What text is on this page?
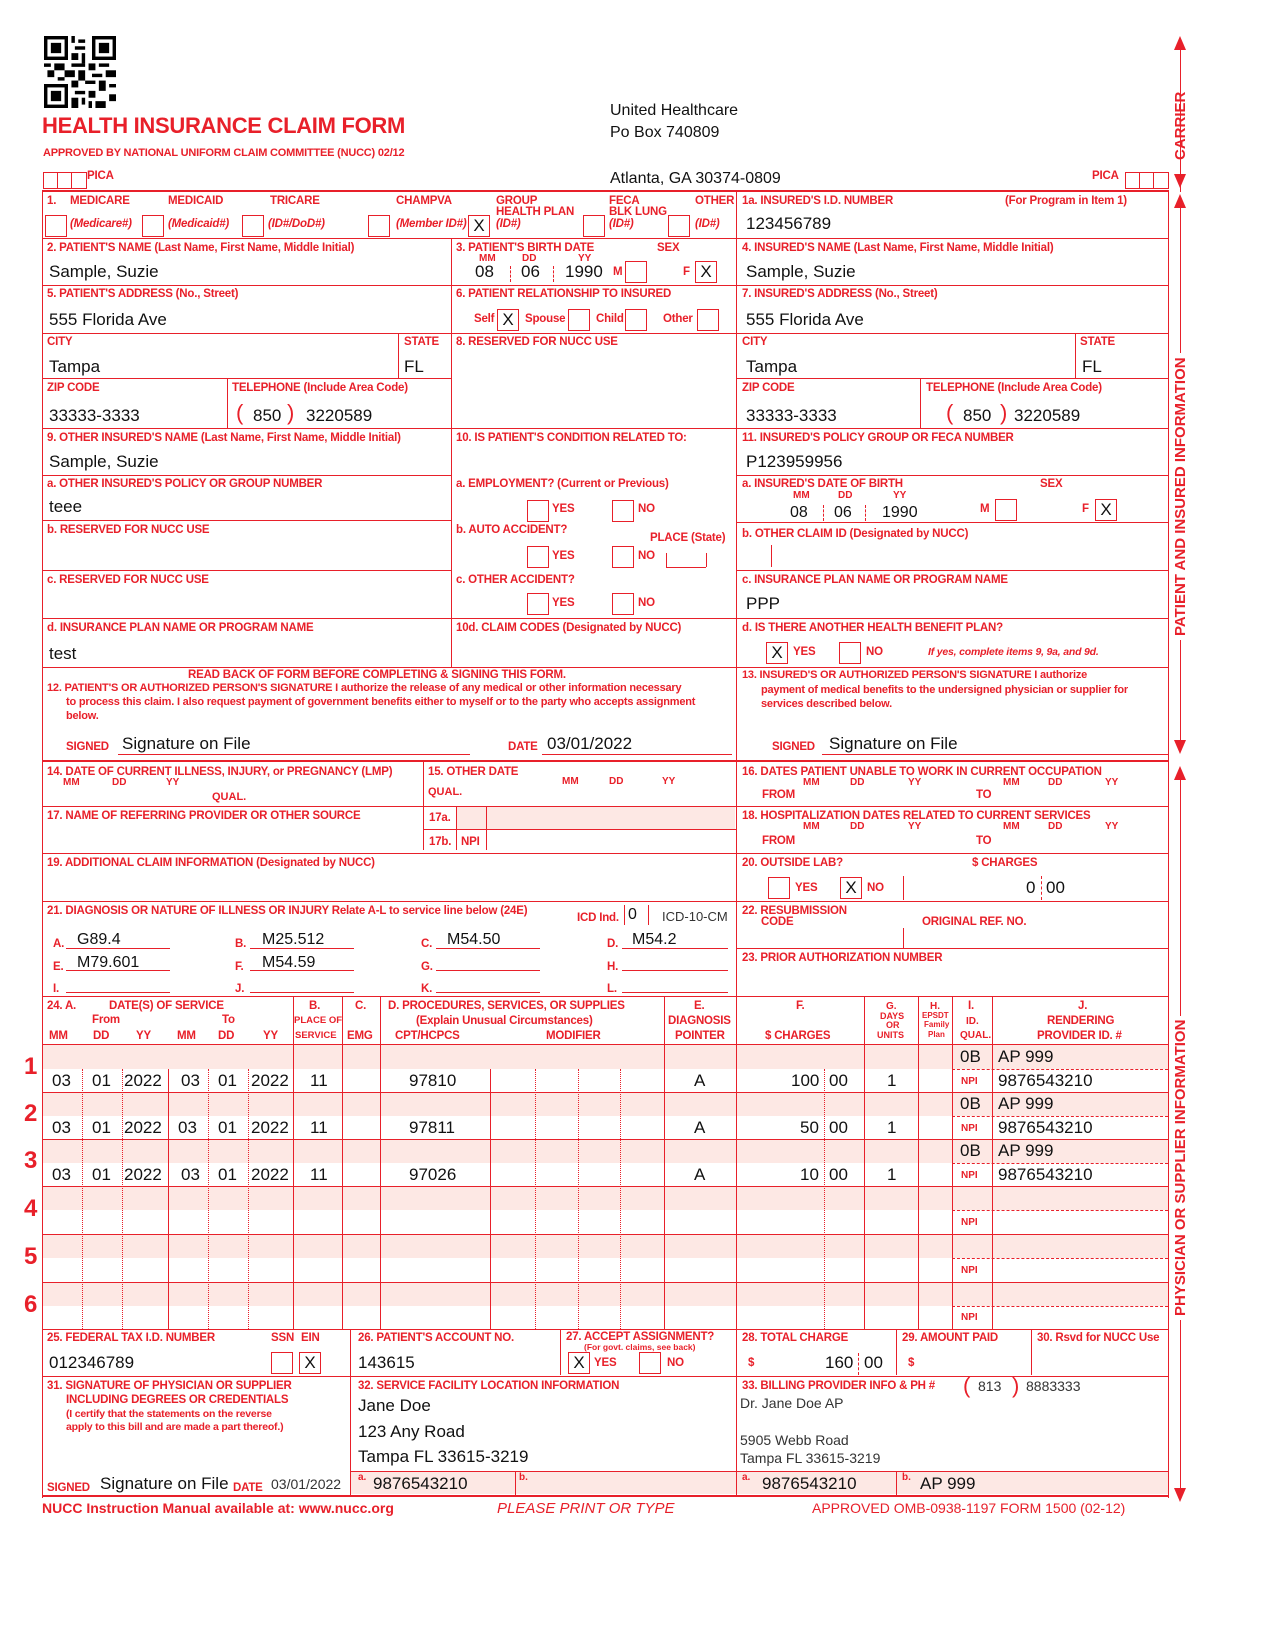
HEALTH INSURANCE CLAIM FORM
APPROVED BY NATIONAL UNIFORM CLAIM COMMITTEE (NUCC) 02/12
United Healthcare
Po Box 740809
Atlanta, GA 30374-0809
PICA	PICA
CARRIER
PATIENT AND INSURED INFORMATION
PHYSICIAN OR SUPPLIER INFORMATION
1. MEDICARE	MEDICAID	TRICARE	CHAMPVA	GROUP
HEALTH PLAN
FECA
BLK LUNG
OTHER
(Medicare#)	(Medicaid#)	(ID#/DoD#)	(Member ID#) X (ID#)	(ID#)	(ID#)
1a. INSURED'S I.D. NUMBER	(For Program in Item 1)
123456789
2. PATIENT'S NAME (Last Name, First Name, Middle Initial)
Sample, Suzie
3. PATIENT'S BIRTH DATE	SEX
MM	DD	YY
08 06 1990 M	F X
4. INSURED'S NAME (Last Name, First Name, Middle Initial)
Sample, Suzie
5. PATIENT'S ADDRESS (No., Street)
555 Florida Ave
6. PATIENT RELATIONSHIP TO INSURED
Self X Spouse	Child	Other
7. INSURED'S ADDRESS (No., Street)
555 Florida Ave
CITY
Tampa
STATE
FL
8. RESERVED FOR NUCC USE	CITY
Tampa
STATE
FL
ZIP CODE
33333-3333
TELEPHONE (Include Area Code)
( 850 ) 3220589
ZIP CODE
33333-3333
TELEPHONE (Include Area Code)
( 850 ) 3220589
9. OTHER INSURED'S NAME (Last Name, First Name, Middle Initial)
Sample, Suzie
10. IS PATIENT'S CONDITION RELATED TO:	11. INSURED'S POLICY GROUP OR FECA NUMBER
P123959956
a. OTHER INSURED'S POLICY OR GROUP NUMBER
teee
a. EMPLOYMENT? (Current or Previous)
YES	NO
a. INSURED'S DATE OF BIRTH	SEX
MM	DD	YY
08 06 1990	M	F X
b. RESERVED FOR NUCC USE	b. AUTO ACCIDENT?
PLACE (State)
YES	NO
b. OTHER CLAIM ID (Designated by NUCC)
c. RESERVED FOR NUCC USE	c. OTHER ACCIDENT?
YES	NO
c. INSURANCE PLAN NAME OR PROGRAM NAME
PPP
d. INSURANCE PLAN NAME OR PROGRAM NAME
test
10d. CLAIM CODES (Designated by NUCC)	d. IS THERE ANOTHER HEALTH BENEFIT PLAN?
X YES	NO	If yes, complete items 9, 9a, and 9d.
READ BACK OF FORM BEFORE COMPLETING & SIGNING THIS FORM.
12. PATIENT'S OR AUTHORIZED PERSON'S SIGNATURE I authorize the release of any medical or other information necessary
to process this claim. I also request payment of government benefits either to myself or to the party who accepts assignment
below.
SIGNED Signature on File	DATE 03/01/2022
13. INSURED'S OR AUTHORIZED PERSON'S SIGNATURE I authorize
payment of medical benefits to the undersigned physician or supplier for
services described below.
SIGNED Signature on File
14. DATE OF CURRENT ILLNESS, INJURY, or PREGNANCY (LMP)
MM	DD	YY
QUAL.
15. OTHER DATE
QUAL.
MM	DD	YY
16. DATES PATIENT UNABLE TO WORK IN CURRENT OCCUPATION
MM	DD	YY	MM	DD	YY
FROM	TO
17. NAME OF REFERRING PROVIDER OR OTHER SOURCE	17a.
17b. NPI
18. HOSPITALIZATION DATES RELATED TO CURRENT SERVICES
MM	DD	YY	MM	DD	YY
FROM	TO
19. ADDITIONAL CLAIM INFORMATION (Designated by NUCC)	20. OUTSIDE LAB?	$ CHARGES
YES	X NO	0 00
21. DIAGNOSIS OR NATURE OF ILLNESS OR INJURY Relate A-L to service line below (24E)
ICD Ind. 0 ICD-10-CM
A. G89.4	B. M25.512	C. M54.50	D. M54.2
E. M79.601	F. M54.59	G.	H.
I.	J.	K.	L.
22. RESUBMISSION
CODE	ORIGINAL REF. NO.
23. PRIOR AUTHORIZATION NUMBER
24. A.	DATE(S) OF SERVICE
From	To
MM DD YY MM DD	YY
B.
PLACE OF
SERVICE
C.
EMG
D. PROCEDURES, SERVICES, OR SUPPLIES
(Explain Unusual Circumstances)
CPT/HCPCS	MODIFIER
E.
DIAGNOSIS
POINTER
F.
$ CHARGES
G.
DAYS
OR
UNITS
H.
EPSDT
Family
Plan
I.
ID.
QUAL.
J.
RENDERING
PROVIDER ID. #
1
2
3
4
5
6
0B AP 999
03 01 2022 03 01 2022 11	97810	A	100 00 1	NPI 9876543210
0B AP 999
03 01 2022 03 01 2022 11	97811	A	50 00 1	NPI 9876543210
0B AP 999
03 01 2022 03 01 2022 11	97026	A	10 00 1	NPI 9876543210
NPI
NPI
NPI
25. FEDERAL TAX I.D. NUMBER	SSN EIN
012346789	X
26. PATIENT'S ACCOUNT NO.
143615
27. ACCEPT ASSIGNMENT?
(For govt. claims, see back)
X YES	NO
28. TOTAL CHARGE
$	160 00
29. AMOUNT PAID
$
30. Rsvd for NUCC Use
31. SIGNATURE OF PHYSICIAN OR SUPPLIER
INCLUDING DEGREES OR CREDENTIALS
(I certify that the statements on the reverse
apply to this bill and are made a part thereof.)
SIGNED Signature on File DATE 03/01/2022
32. SERVICE FACILITY LOCATION INFORMATION
Jane Doe
123 Any Road
Tampa FL 33615-3219
a. 9876543210	b.
33. BILLING PROVIDER INFO & PH # ( 813 ) 8883333
Dr. Jane Doe AP
5905 Webb Road
Tampa FL 33615-3219
a. 9876543210	b. AP 999
NUCC Instruction Manual available at: www.nucc.org	PLEASE PRINT OR TYPE	APPROVED OMB-0938-1197 FORM 1500 (02-12)
